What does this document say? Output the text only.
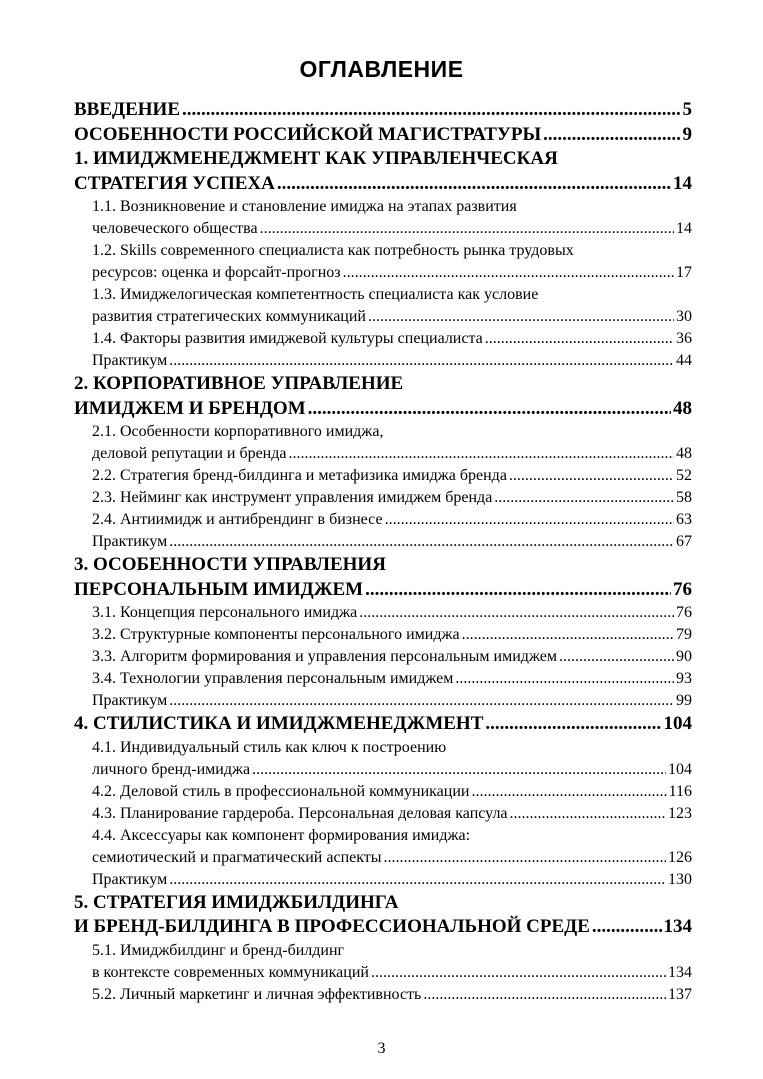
ОГЛАВЛЕНИЕ
ВВЕДЕНИЕ .....	5
ОСОБЕННОСТИ РОССИЙСКОЙ МАГИСТРАТУРЫ .....	9
1. ИМИДЖМЕНЕДЖМЕНТ КАК УПРАВЛЕНЧЕСКАЯ
СТРАТЕГИЯ УСПЕХА .....	14
1.1. Возникновение и становление имиджа на этапах развития
человеческого общества .....	14
1.2. Skills современного специалиста как потребность рынка трудовых
ресурсов: оценка и форсайт-прогноз .....	17
1.3. Имиджелогическая компетентность специалиста как условие
развития стратегических коммуникаций .....	30
1.4. Факторы развития имиджевой культуры специалиста .....	36
Практикум .....	44
2. КОРПОРАТИВНОЕ УПРАВЛЕНИЕ
ИМИДЖЕМ И БРЕНДОМ .....	48
2.1. Особенности корпоративного имиджа,
деловой репутации и бренда .....	48
2.2. Стратегия бренд-билдинга и метафизика имиджа бренда .....	52
2.3. Нейминг как инструмент управления имиджем бренда .....	58
2.4. Антиимидж и антибрендинг в бизнесе .....	63
Практикум .....	67
3. ОСОБЕННОСТИ УПРАВЛЕНИЯ
ПЕРСОНАЛЬНЫМ ИМИДЖЕМ .....	76
3.1. Концепция персонального имиджа .....	76
3.2. Структурные компоненты персонального имиджа .....	79
3.3. Алгоритм формирования и управления персональным имиджем .....	90
3.4. Технологии управления персональным имиджем .....	93
Практикум .....	99
4. СТИЛИСТИКА И ИМИДЖМЕНЕДЖМЕНТ .....	104
4.1. Индивидуальный стиль как ключ к построению
личного бренд-имиджа .....	104
4.2. Деловой стиль в профессиональной коммуникации .....	116
4.3. Планирование гардероба. Персональная деловая капсула .....	123
4.4. Аксессуары как компонент формирования имиджа:
семиотический и прагматический аспекты .....	126
Практикум .....	130
5. СТРАТЕГИЯ ИМИДЖБИЛДИНГА
И БРЕНД-БИЛДИНГА В ПРОФЕССИОНАЛЬНОЙ СРЕДЕ .....	134
5.1. Имиджбилдинг и бренд-билдинг
в контексте современных коммуникаций .....	134
5.2. Личный маркетинг и личная эффективность .....	137
3
